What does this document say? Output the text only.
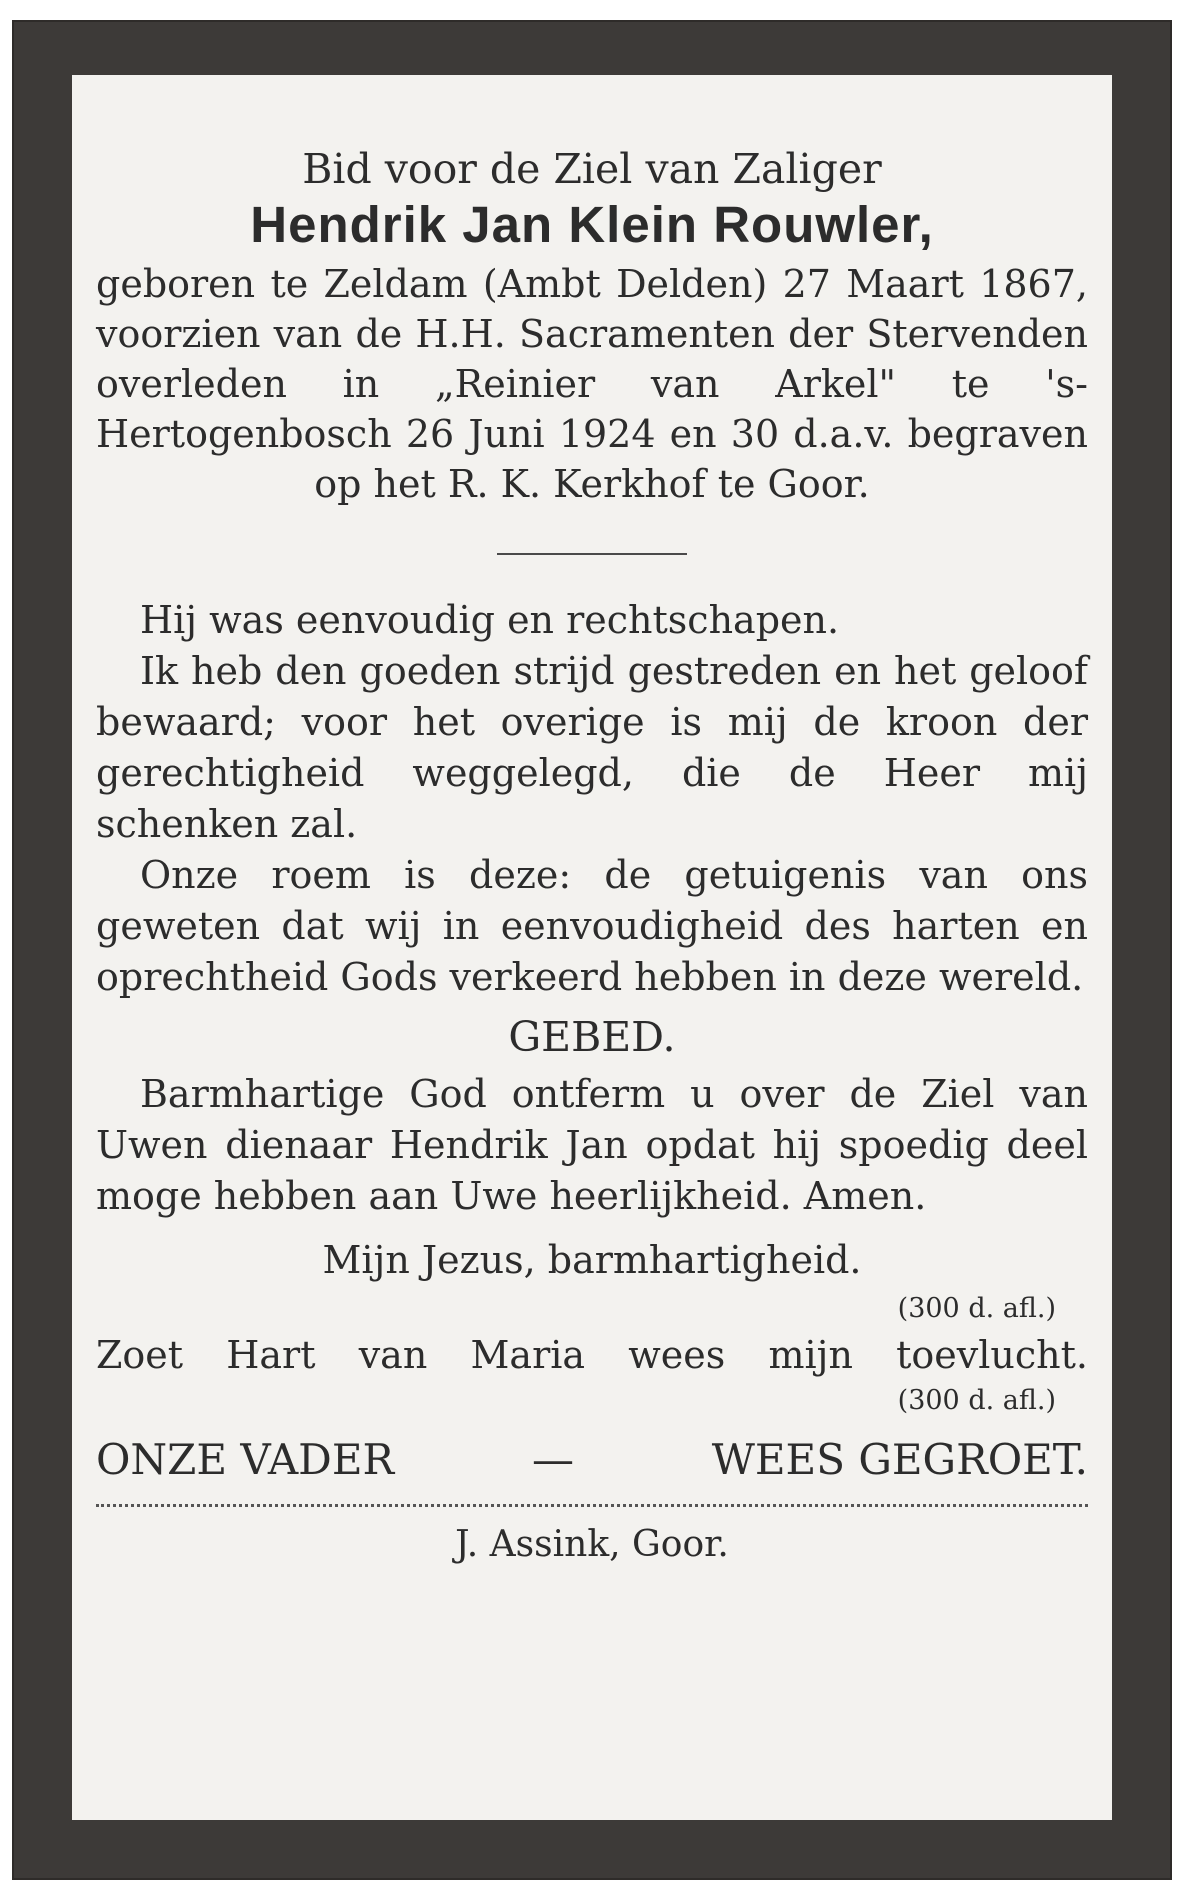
Bid voor de Ziel van Zaliger

Hendrik Jan Klein Rouwler,

geboren te Zeldam (Ambt Delden) 27 Maart 1867, voorzien van de H.H. Sacramenten der Stervenden overleden in „Reinier van Arkel" te 's-Hertogenbosch 26 Juni 1924 en 30 d.a.v. begraven op het R. K. Kerkhof te Goor.

Hij was eenvoudig en rechtschapen.

Ik heb den goeden strijd gestreden en het geloof bewaard; voor het overige is mij de kroon der gerechtigheid weggelegd, die de Heer mij schenken zal.

Onze roem is deze: de getuigenis van ons geweten dat wij in eenvoudigheid des harten en oprechtheid Gods verkeerd hebben in deze wereld.

GEBED.

Barmhartige God ontferm u over de Ziel van Uwen dienaar Hendrik Jan opdat hij spoedig deel moge hebben aan Uwe heerlijkheid. Amen.

Mijn Jezus, barmhartigheid.

(300 d. afl.)

Zoet Hart van Maria wees mijn toevlucht.

(300 d. afl.)

ONZE VADER	—	WEES GEGROET.

J. Assink, Goor.
